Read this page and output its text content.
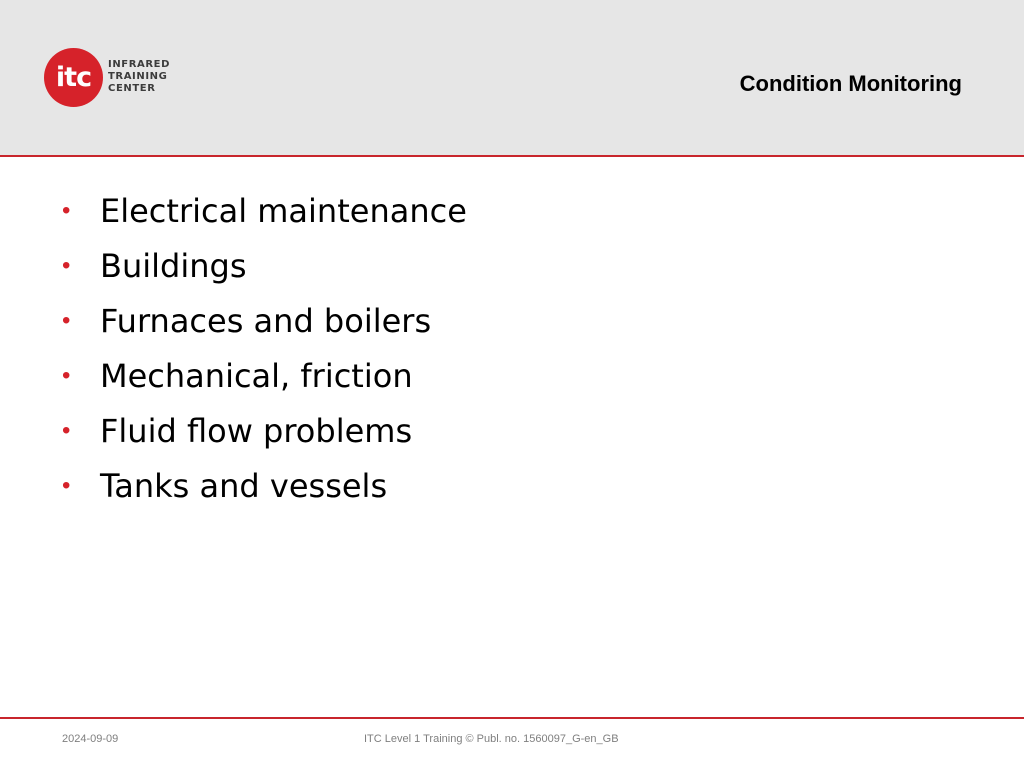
itc	INFRARED
TRAINING
CENTER	Condition Monitoring
• Electrical maintenance
• Buildings
• Furnaces and boilers
• Mechanical, friction
• Fluid flow problems
• Tanks and vessels
2024-09-09	ITC Level 1 Training © Publ. no. 1560097_G-en_GB
